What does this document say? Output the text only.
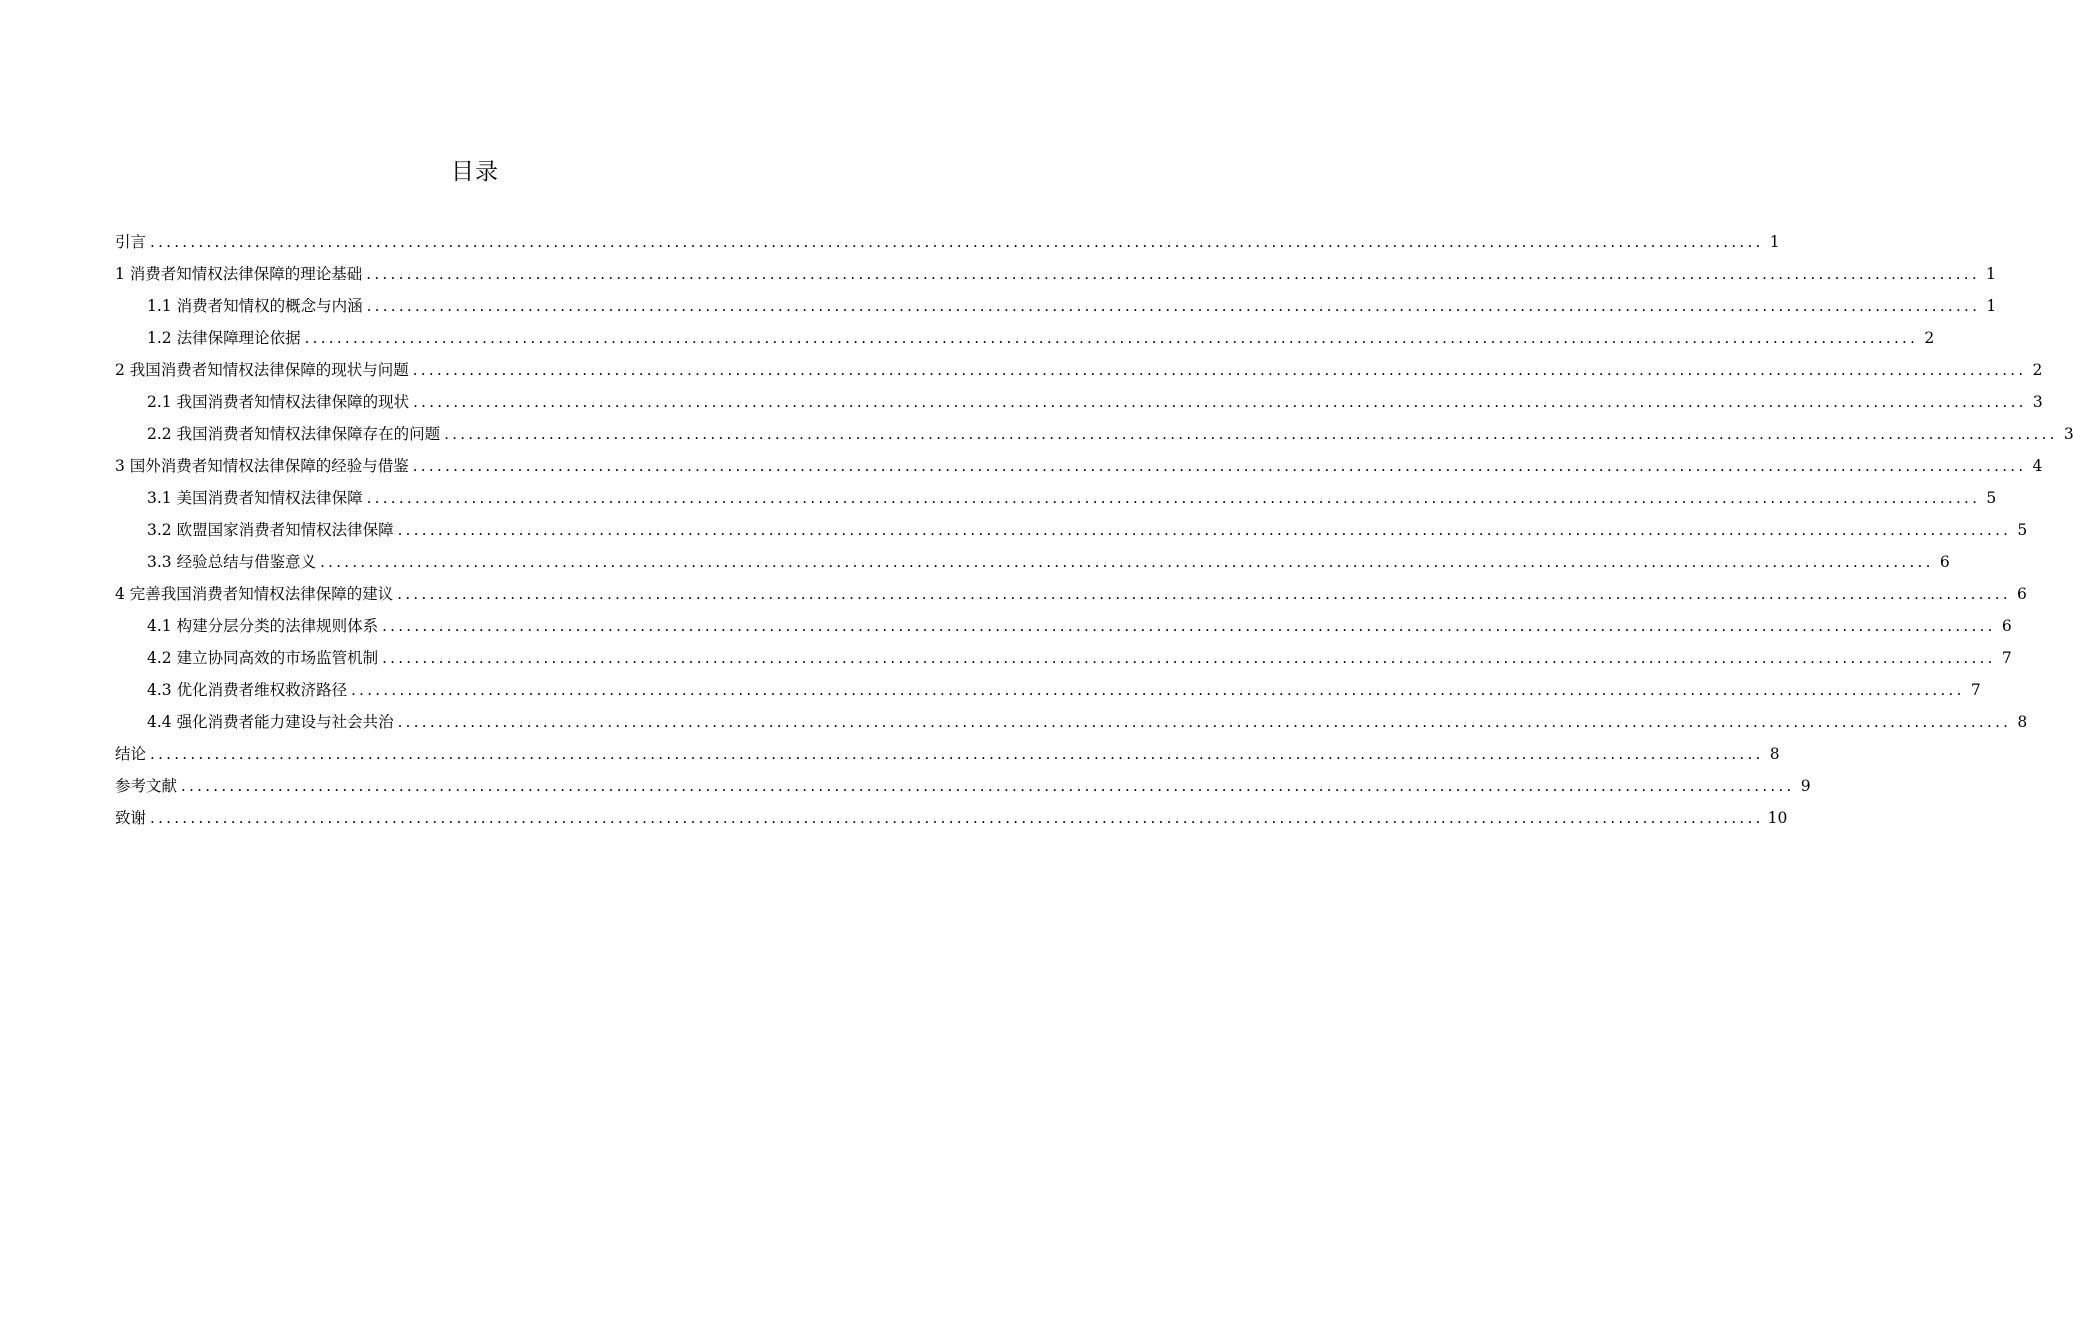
目录
引言 ........................................................................................................................................................................................................ 1
1 消费者知情权法律保障的理论基础 ........................................................................................................................................................................................................ 1
1.1 消费者知情权的概念与内涵 ........................................................................................................................................................................................................ 1
1.2 法律保障理论依据 ........................................................................................................................................................................................................ 2
2 我国消费者知情权法律保障的现状与问题 ........................................................................................................................................................................................................ 2
2.1 我国消费者知情权法律保障的现状 ........................................................................................................................................................................................................ 3
2.2 我国消费者知情权法律保障存在的问题 ........................................................................................................................................................................................................ 3
3 国外消费者知情权法律保障的经验与借鉴 ........................................................................................................................................................................................................ 4
3.1 美国消费者知情权法律保障 ........................................................................................................................................................................................................ 5
3.2 欧盟国家消费者知情权法律保障 ........................................................................................................................................................................................................ 5
3.3 经验总结与借鉴意义 ........................................................................................................................................................................................................ 6
4 完善我国消费者知情权法律保障的建议 ........................................................................................................................................................................................................ 6
4.1 构建分层分类的法律规则体系 ........................................................................................................................................................................................................ 6
4.2 建立协同高效的市场监管机制 ........................................................................................................................................................................................................ 7
4.3 优化消费者维权救济路径 ........................................................................................................................................................................................................ 7
4.4 强化消费者能力建设与社会共治 ........................................................................................................................................................................................................ 8
结论 ........................................................................................................................................................................................................ 8
参考文献 ........................................................................................................................................................................................................ 9
致谢 ........................................................................................................................................................................................................ 10
